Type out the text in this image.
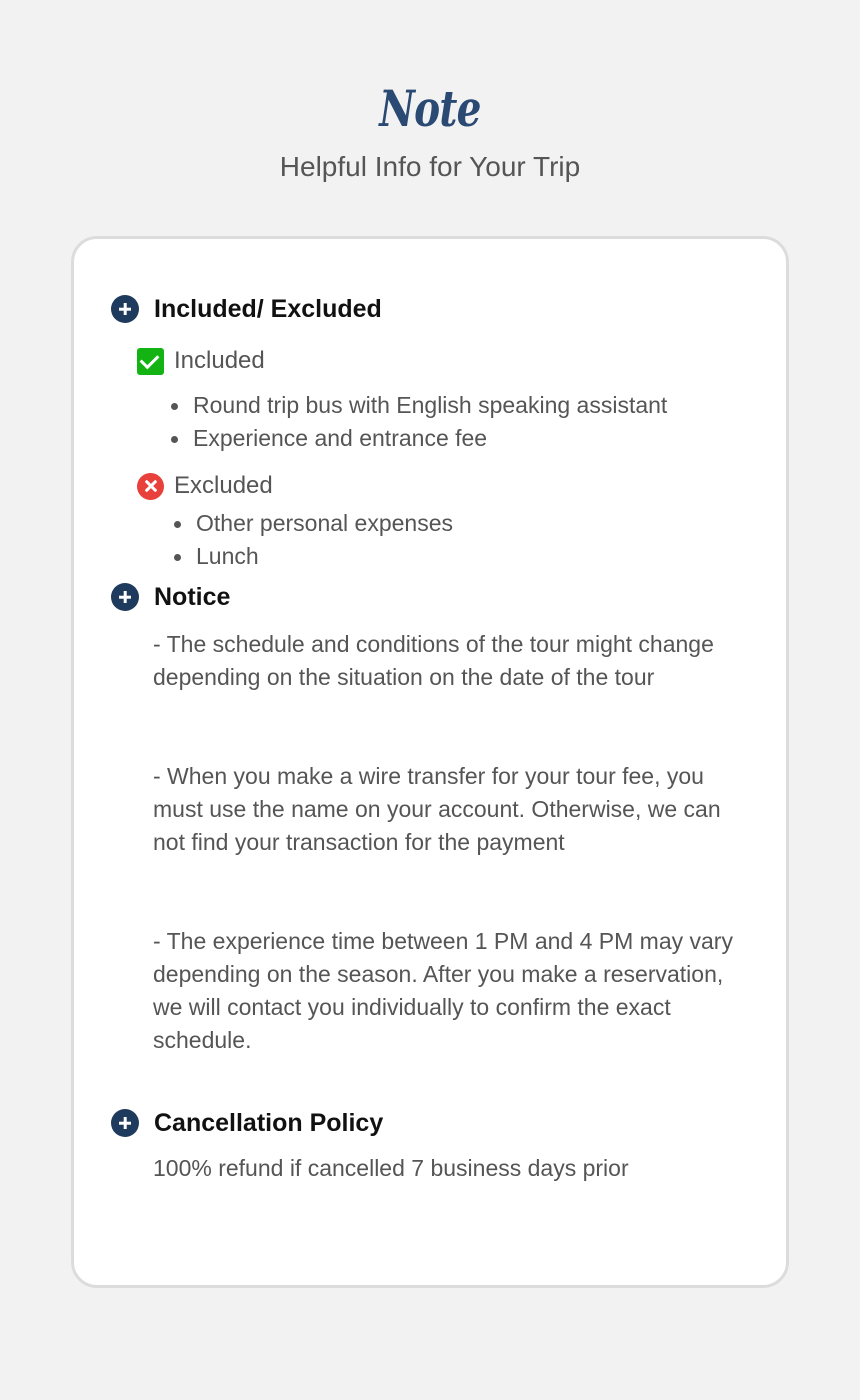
Note
Helpful Info for Your Trip
Included/ Excluded
Included
Round trip bus with English speaking assistant
Experience and entrance fee
Excluded
Other personal expenses
Lunch
Notice
- The schedule and conditions of the tour might change depending on the situation on the date of the tour
- When you make a wire transfer for your tour fee, you must use the name on your account. Otherwise, we can not find your transaction for the payment
- The experience time between 1 PM and 4 PM may vary depending on the season. After you make a reservation, we will contact you individually to confirm the exact schedule.
Cancellation Policy
100% refund if cancelled 7 business days prior
